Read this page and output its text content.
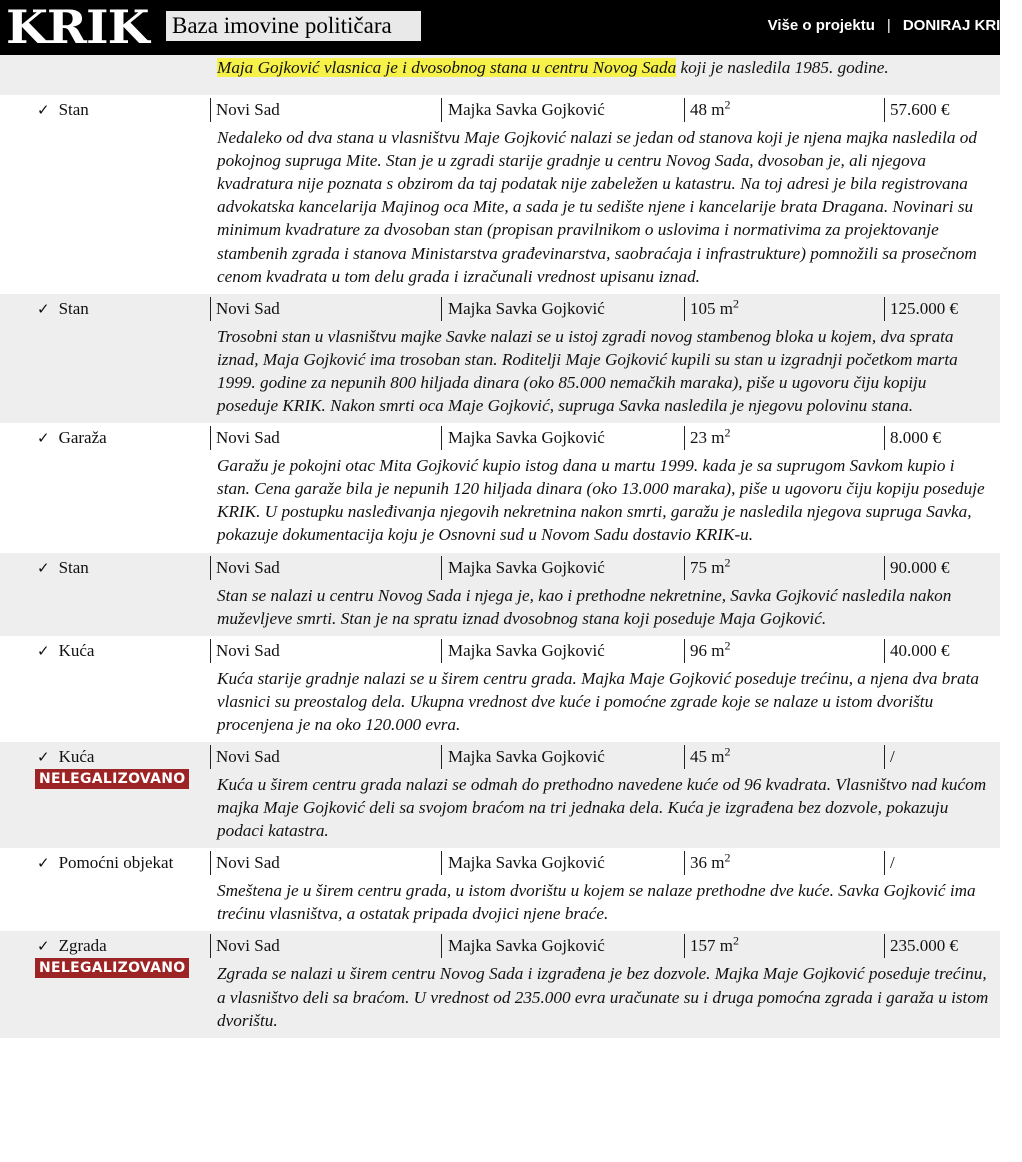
KRIK Baza imovine političara	Više o projektu | DONIRAJ KRIKU

Maja Gojković vlasnica je i dvosobnog stana u centru Novog Sada koji je nasledila 1985. godine.

✓ Stan	Novi Sad	Majka Savka Gojković	48 $m^2$	57.600 €

Nedaleko od dva stana u vlasništvu Maje Gojković nalazi se jedan od stanova koji je njena majka nasledila od pokojnog supruga Mite. Stan je u zgradi starije gradnje u centru Novog Sada, dvosoban je, ali njegova kvadratura nije poznata s obzirom da taj podatak nije zabeležen u katastru. Na toj adresi je bila registrovana advokatska kancelarija Majinog oca Mite, a sada je tu sedište njene i kancelarije brata Dragana. Novinari su minimum kvadrature za dvosoban stan (propisan pravilnikom o uslovima i normativima za projektovanje stambenih zgrada i stanova Ministarstva građevinarstva, saobraćaja i infrastrukture) pomnožili sa prosečnom cenom kvadrata u tom delu grada i izračunali vrednost upisanu iznad.

✓ Stan	Novi Sad	Majka Savka Gojković	105 $m^2$	125.000 €

Trosobni stan u vlasništvu majke Savke nalazi se u istoj zgradi novog stambenog bloka u kojem, dva sprata iznad, Maja Gojković ima trosoban stan. Roditelji Maje Gojković kupili su stan u izgradnji početkom marta 1999. godine za nepunih 800 hiljada dinara (oko 85.000 nemačkih maraka), piše u ugovoru čiju kopiju poseduje KRIK. Nakon smrti oca Maje Gojković, supruga Savka nasledila je njegovu polovinu stana.

✓ Garaža	Novi Sad	Majka Savka Gojković	23 $m^2$	8.000 €

Garažu je pokojni otac Mita Gojković kupio istog dana u martu 1999. kada je sa suprugom Savkom kupio i stan. Cena garaže bila je nepunih 120 hiljada dinara (oko 13.000 maraka), piše u ugovoru čiju kopiju poseduje KRIK. U postupku nasleđivanja njegovih nekretnina nakon smrti, garažu je nasledila njegova supruga Savka, pokazuje dokumentacija koju je Osnovni sud u Novom Sadu dostavio KRIK-u.

✓ Stan	Novi Sad	Majka Savka Gojković	75 $m^2$	90.000 €

Stan se nalazi u centru Novog Sada i njega je, kao i prethodne nekretnine, Savka Gojković nasledila nakon muževljeve smrti. Stan je na spratu iznad dvosobnog stana koji poseduje Maja Gojković.

✓ Kuća	Novi Sad	Majka Savka Gojković	96 $m^2$	40.000 €

Kuća starije gradnje nalazi se u širem centru grada. Majka Maje Gojković poseduje trećinu, a njena dva brata vlasnici su preostalog dela. Ukupna vrednost dve kuće i pomoćne zgrade koje se nalaze u istom dvorištu procenjena je na oko 120.000 evra.

✓ Kuća	Novi Sad	Majka Savka Gojković	45 $m^2$	/
NELEGALIZOVANO	Kuća u širem centru grada nalazi se odmah do prethodno navedene kuće od 96 kvadrata. Vlasništvo nad kućom majka Maje Gojković deli sa svojom braćom na tri jednaka dela. Kuća je izgrađena bez dozvole, pokazuju podaci katastra.

✓ Pomoćni objekat	Novi Sad	Majka Savka Gojković	36 $m^2$	/

Smeštena je u širem centru grada, u istom dvorištu u kojem se nalaze prethodne dve kuće. Savka Gojković ima trećinu vlasništva, a ostatak pripada dvojici njene braće.

✓ Zgrada	Novi Sad	Majka Savka Gojković	157 $m^2$	235.000 €
NELEGALIZOVANO	Zgrada se nalazi u širem centru Novog Sada i izgrađena je bez dozvole. Majka Maje Gojković poseduje trećinu, a vlasništvo deli sa braćom. U vrednost od 235.000 evra uračunate su i druga pomoćna zgrada i garaža u istom dvorištu.
